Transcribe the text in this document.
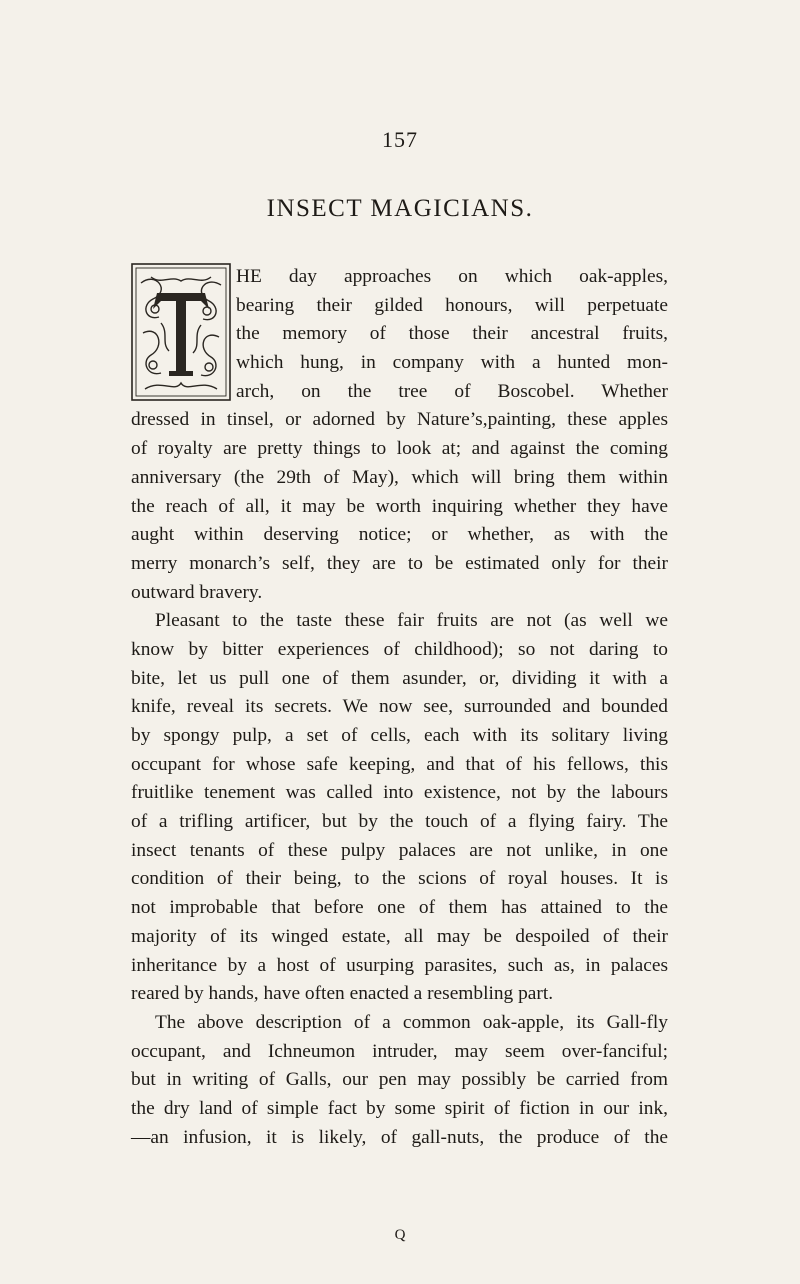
157
INSECT MAGICIANS.
HE day approaches on which oak-apples,
bearing their gilded honours, will perpetuate
the memory of those their ancestral fruits,
which hung, in company with a hunted mon-
arch, on the tree of Boscobel. Whether
dressed in tinsel, or adorned by Nature’s,painting, these apples
of royalty are pretty things to look at; and against the coming
anniversary (the 29th of May), which will bring them within
the reach of all, it may be worth inquiring whether they have
aught within deserving notice; or whether, as with the
merry monarch’s self, they are to be estimated only for their
outward bravery.
Pleasant to the taste these fair fruits are not (as well we
know by bitter experiences of childhood); so not daring to
bite, let us pull one of them asunder, or, dividing it with a
knife, reveal its secrets. We now see, surrounded and bounded
by spongy pulp, a set of cells, each with its solitary living
occupant for whose safe keeping, and that of his fellows, this
fruitlike tenement was called into existence, not by the labours
of a trifling artificer, but by the touch of a flying fairy. The
insect tenants of these pulpy palaces are not unlike, in one
condition of their being, to the scions of royal houses. It is
not improbable that before one of them has attained to the
majority of its winged estate, all may be despoiled of their
inheritance by a host of usurping parasites, such as, in palaces
reared by hands, have often enacted a resembling part.
The above description of a common oak-apple, its Gall-fly
occupant, and Ichneumon intruder, may seem over-fanciful;
but in writing of Galls, our pen may possibly be carried from
the dry land of simple fact by some spirit of fiction in our ink,
—an infusion, it is likely, of gall-nuts, the produce of the
Q
